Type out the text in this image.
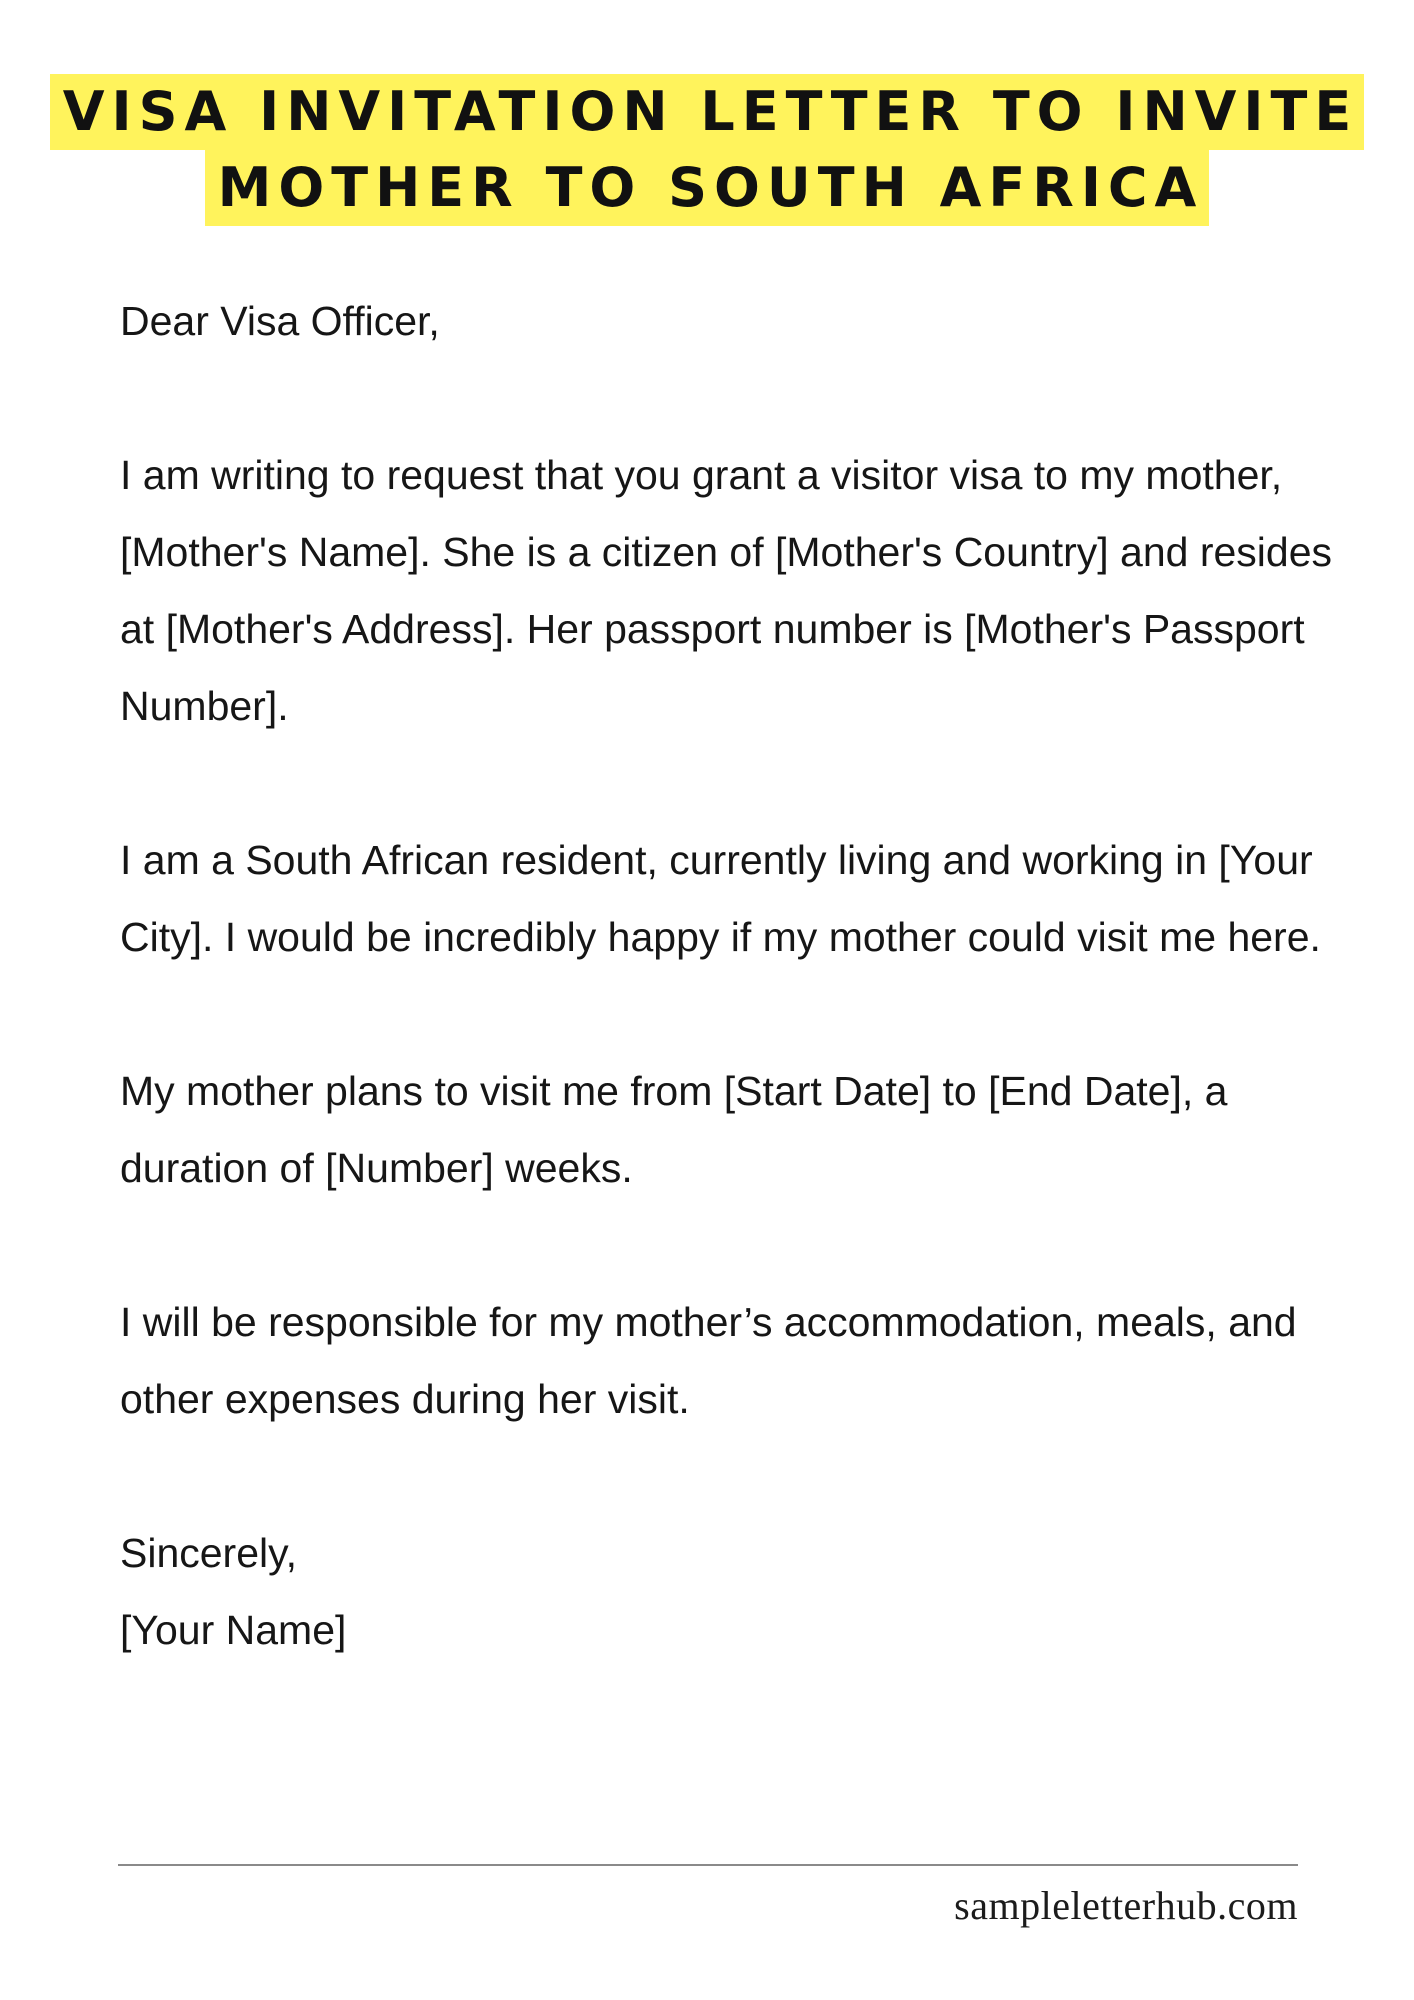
VISA INVITATION LETTER TO INVITE
MOTHER TO SOUTH AFRICA

Dear Visa Officer,

I am writing to request that you grant a visitor visa to my mother, [Mother's Name]. She is a citizen of [Mother's Country] and resides at [Mother's Address]. Her passport number is [Mother's Passport Number].

I am a South African resident, currently living and working in [Your City]. I would be incredibly happy if my mother could visit me here.

My mother plans to visit me from [Start Date] to [End Date], a duration of [Number] weeks.

I will be responsible for my mother’s accommodation, meals, and other expenses during her visit.

Sincerely,
[Your Name]

sampleletterhub.com
